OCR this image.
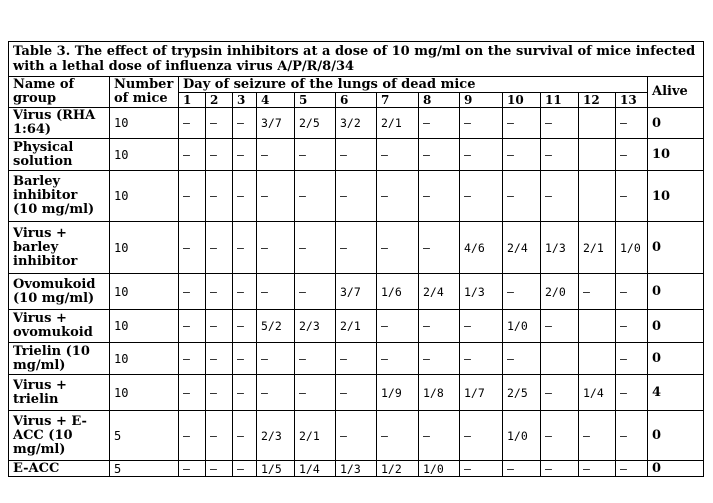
Table 3. The effect of trypsin inhibitors at a dose of 10 mg/ml on the survival of mice infected with a lethal dose of influenza virus A/P/R/8/34															
Name of group	Number of mice	Day of seizure of the lungs of dead mice													Alive
		1	2	3	4	5	6	7	8	9	10	11	12	13	
Virus (RHA 1:64)	10	–	–	–	3/7	2/5	3/2	2/1	–	–	–	–		–	0
Physical solution	10	–	–	–	–	–	–	–	–	–	–	–		–	10
Barley inhibitor (10 mg/ml)	10	–	–	–	–	–	–	–	–	–	–	–		–	10
Virus + barley inhibitor	10	–	–	–	–	–	–	–	–	4/6	2/4	1/3	2/1	1/0	0
Ovomukoid (10 mg/ml)	10	–	–	–	–	–	3/7	1/6	2/4	1/3	–	2/0	–	–	0
Virus + ovomukoid	10	–	–	–	5/2	2/3	2/1	–	–	–	1/0	–		–	0
Trielin (10 mg/ml)	10	–	–	–	–	–	–	–	–	–	–			–	0
Virus + trielin	10	–	–	–	–	–	–	1/9	1/8	1/7	2/5	–	1/4	–	4
Virus + E-ACC (10 mg/ml)	5	–	–	–	2/3	2/1	–	–	–	–	1/0	–	–	–	0
E-ACC	5	–	–	–	1/5	1/4	1/3	1/2	1/0	–	–	–	–	–	0
